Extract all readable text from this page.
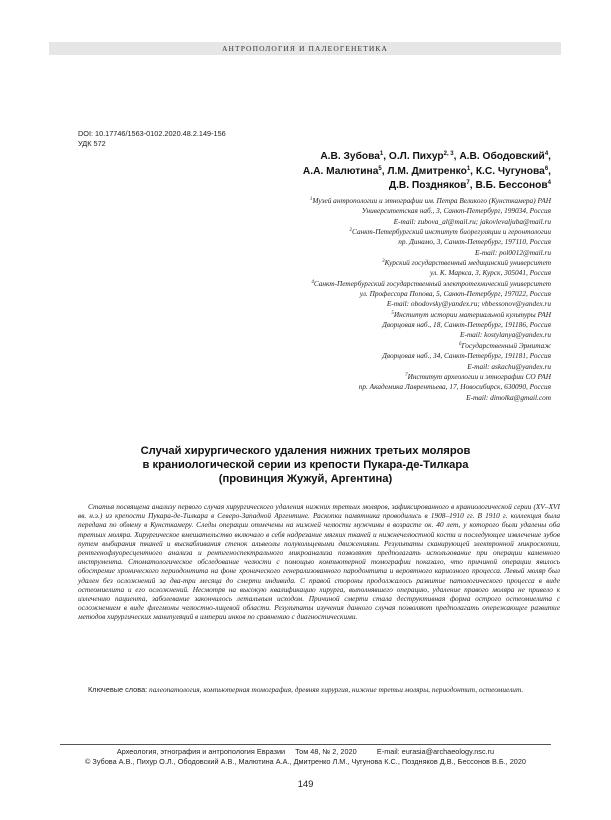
АНТРОПОЛОГИЯ И ПАЛЕОГЕНЕТИКА
DOI: 10.17746/1563-0102.2020.48.2.149-156
УДК 572
А.В. Зубова$^1$, О.Л. Пихур$^{2, 3}$, А.В. Ободовский$^4$,
А.А. Малютина$^5$, Л.М. Дмитренко$^1$, К.С. Чугунова$^6$,
Д.В. Поздняков$^7$, В.Б. Бессонов$^4$
$^1$Музей антропологии и этнографии им. Петра Великого (Кунсткамера) РАН
Университетская наб., 3, Санкт-Петербург, 199034, Россия
E-mail: zubova_al@mail.ru; jakovlevaljuba@mail.ru
$^2$Санкт-Петербургский институт биорегуляции и геронтологии
пр. Динамо, 3, Санкт-Петербург, 197110, Россия
E-mail: pol0012@mail.ru
$^3$Курский государственный медицинский университет
ул. К. Маркса, 3, Курск, 305041, Россия
$^4$Санкт-Петербургский государственный электротехнический университет
ул. Профессора Попова, 5, Санкт-Петербург, 197022, Россия
E-mail: obodovsky@yandex.ru; vbbessonov@yandex.ru
$^5$Институт истории материальной культуры РАН
Дворцовая наб., 18, Санкт-Петербург, 191186, Россия
E-mail: kostylanya@yandex.ru
$^6$Государственный Эрмитаж
Дворцовая наб., 34, Санкт-Петербург, 191181, Россия
E-mail: askachu@yandex.ru
$^7$Институт археологии и этнографии СО РАН
пр. Академика Лаврентьева, 17, Новосибирск, 630090, Россия
E-mail: dimolka@gmail.com
Случай хирургического удаления нижних третьих моляров
в краниологической серии из крепости Пукара-де-Тилкара
(провинция Жужуй, Аргентина)

Статья посвящена анализу первого случая хирургического удаления нижних третьих моляров, зафиксированного в краниологической серии (XV–XVI вв. н.э.) из крепости Пукара-де-Тилкара в Северо-Западной Аргентине. Раскопки памятника проводились в 1908–1910 гг. В 1910 г. коллекция была передана по обмену в Кунсткамеру. Следы операции отмечены на нижней челюсти мужчины в возрасте ок. 40 лет, у которого были удалены оба третьих моляра. Хирургическое вмешательство включало в себя надрезание мягких тканей и нижнечелюстной кости и последующее извлечение зубов путем выбирания тканей и выскабливания стенок альвеолы полукольцевыми движениями. Результаты сканирующей электронной микроскопии, рентгенофлуоресцентного анализа и рентгеноспектрального микроанализа позволяют предполагать использование при операции каменного инструмента. Стоматологическое обследование челюсти с помощью компьютерной томографии показало, что причиной операции явилось обострение хронического периодонтита на фоне хронического генерализованного пародонтита и вероятного кариозного процесса. Левый моляр был удален без осложнений за два-три месяца до смерти индивида. С правой стороны продолжалось развитие патологического процесса в виде остеомиелита и его осложнений. Несмотря на высокую квалификацию хирурга, выполнявшего операцию, удаление правого моляра не привело к излечению пациента, заболевание закончилось летальным исходом. Причиной смерти стала деструктивная форма острого остеомиелита с осложнением в виде флегмоны челюстно-лицевой области. Результаты изучения данного случая позволяют предполагать опережающее развитие методов хирургических манипуляций в империи инков по сравнению с диагностическими.

Ключевые слова: палеопатология, компьютерная томография, древняя хирургия, нижние третьи моляры, периодонтит, остеомиелит.
Археология, этнография и антропология Евразии Том 48, № 2, 2020	E-mail: eurasia@archaeology.nsc.ru
© Зубова А.В., Пихур О.Л., Ободовский А.В., Малютина А.А., Дмитренко Л.М., Чугунова К.С., Поздняков Д.В., Бессонов В.Б., 2020
149
